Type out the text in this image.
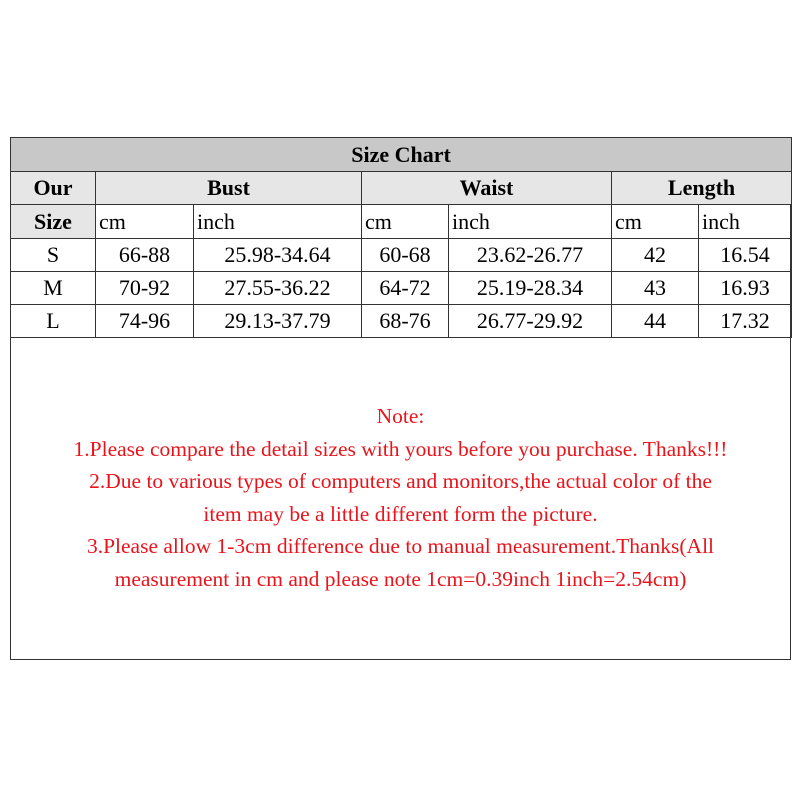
Size Chart						
Our	Bust		Waist		Length	
Size	cm	inch	cm	inch	cm	inch
S	66-88	25.98-34.64	60-68	23.62-26.77	42	16.54
M	70-92	27.55-36.22	64-72	25.19-28.34	43	16.93
L	74-96	29.13-37.79	68-76	26.77-29.92	44	17.32
Note:
1.Please compare the detail sizes with yours before you purchase. Thanks!!!
2.Due to various types of computers and monitors,the actual color of the
item may be a little different form the picture.
3.Please allow 1-3cm difference due to manual measurement.Thanks(All
measurement in cm and please note 1cm=0.39inch 1inch=2.54cm)
